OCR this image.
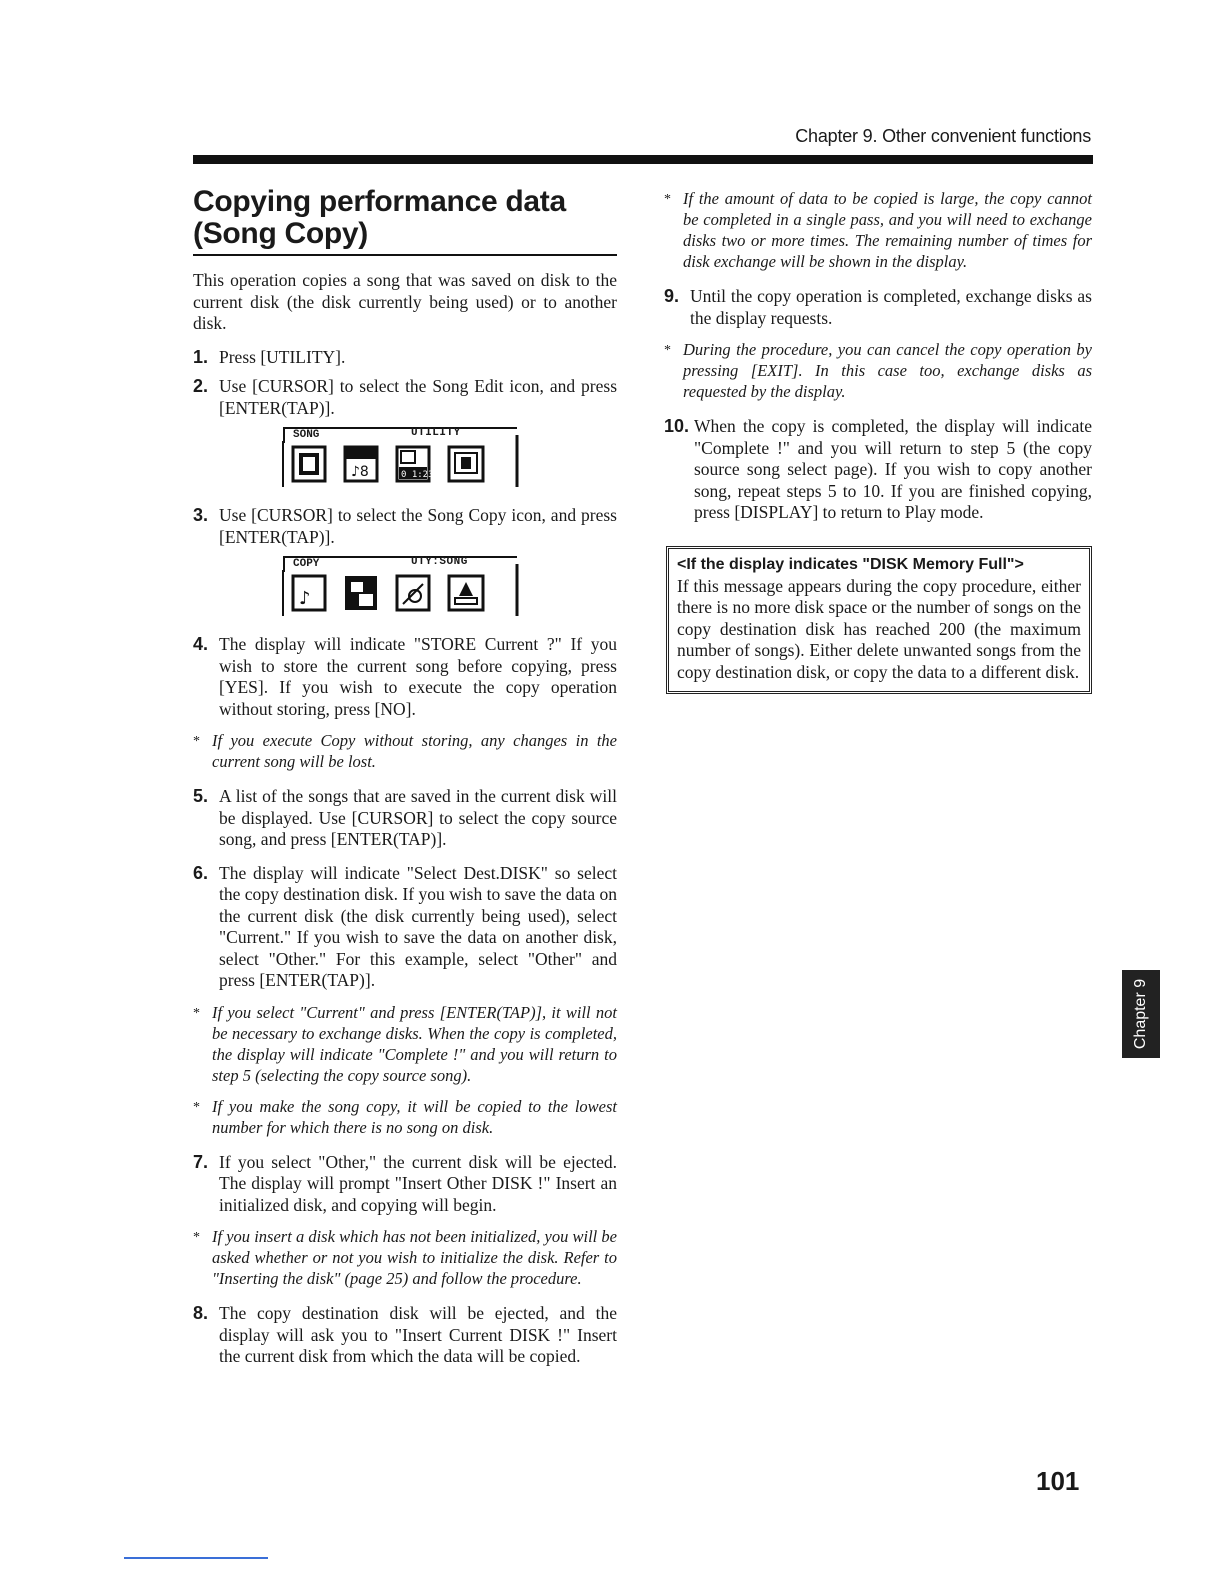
Chapter 9. Other convenient functions
Copying performance data
(Song Copy)

This operation copies a song that was saved on disk to the current disk (the disk currently being used) or to another disk.

1. Press [UTILITY].
2. Use [CURSOR] to select the Song Edit icon, and press [ENTER(TAP)].
SONG	UTILITY
♪8	0 1:23
3. Use [CURSOR] to select the Song Copy icon, and press [ENTER(TAP)].
COPY	UTY:SONG
♪
4. The display will indicate "STORE Current ?" If you wish to store the current song before copying, press [YES]. If you wish to execute the copy operation without storing, press [NO].
* If you execute Copy without storing, any changes in the current song will be lost.
5. A list of the songs that are saved in the current disk will be displayed. Use [CURSOR] to select the copy source song, and press [ENTER(TAP)].
6. The display will indicate "Select Dest.DISK" so select the copy destination disk. If you wish to save the data on the current disk (the disk currently being used), select "Current." If you wish to save the data on another disk, select "Other." For this example, select "Other" and press [ENTER(TAP)].
* If you select "Current" and press [ENTER(TAP)], it will not be necessary to exchange disks. When the copy is completed, the display will indicate "Complete !" and you will return to step 5 (selecting the copy source song).
* If you make the song copy, it will be copied to the lowest number for which there is no song on disk.
7. If you select "Other," the current disk will be ejected. The display will prompt "Insert Other DISK !" Insert an initialized disk, and copying will begin.
* If you insert a disk which has not been initialized, you will be asked whether or not you wish to initialize the disk. Refer to "Inserting the disk" (page 25) and follow the procedure.
8. The copy destination disk will be ejected, and the display will ask you to "Insert Current DISK !" Insert the current disk from which the data will be copied.
* If the amount of data to be copied is large, the copy cannot be completed in a single pass, and you will need to exchange disks two or more times. The remaining number of times for disk exchange will be shown in the display.
9. Until the copy operation is completed, exchange disks as the display requests.
* During the procedure, you can cancel the copy operation by pressing [EXIT]. In this case too, exchange disks as requested by the display.
10. When the copy is completed, the display will indicate "Complete !" and you will return to step 5 (the copy source song select page). If you wish to copy another song, repeat steps 5 to 10. If you are finished copying, press [DISPLAY] to return to Play mode.
<If the display indicates "DISK Memory Full">
If this message appears during the copy procedure, either there is no more disk space or the number of songs on the copy destination disk has reached 200 (the maximum number of songs). Either delete unwanted songs from the copy destination disk, or copy the data to a different disk.
Chapter 9
101
